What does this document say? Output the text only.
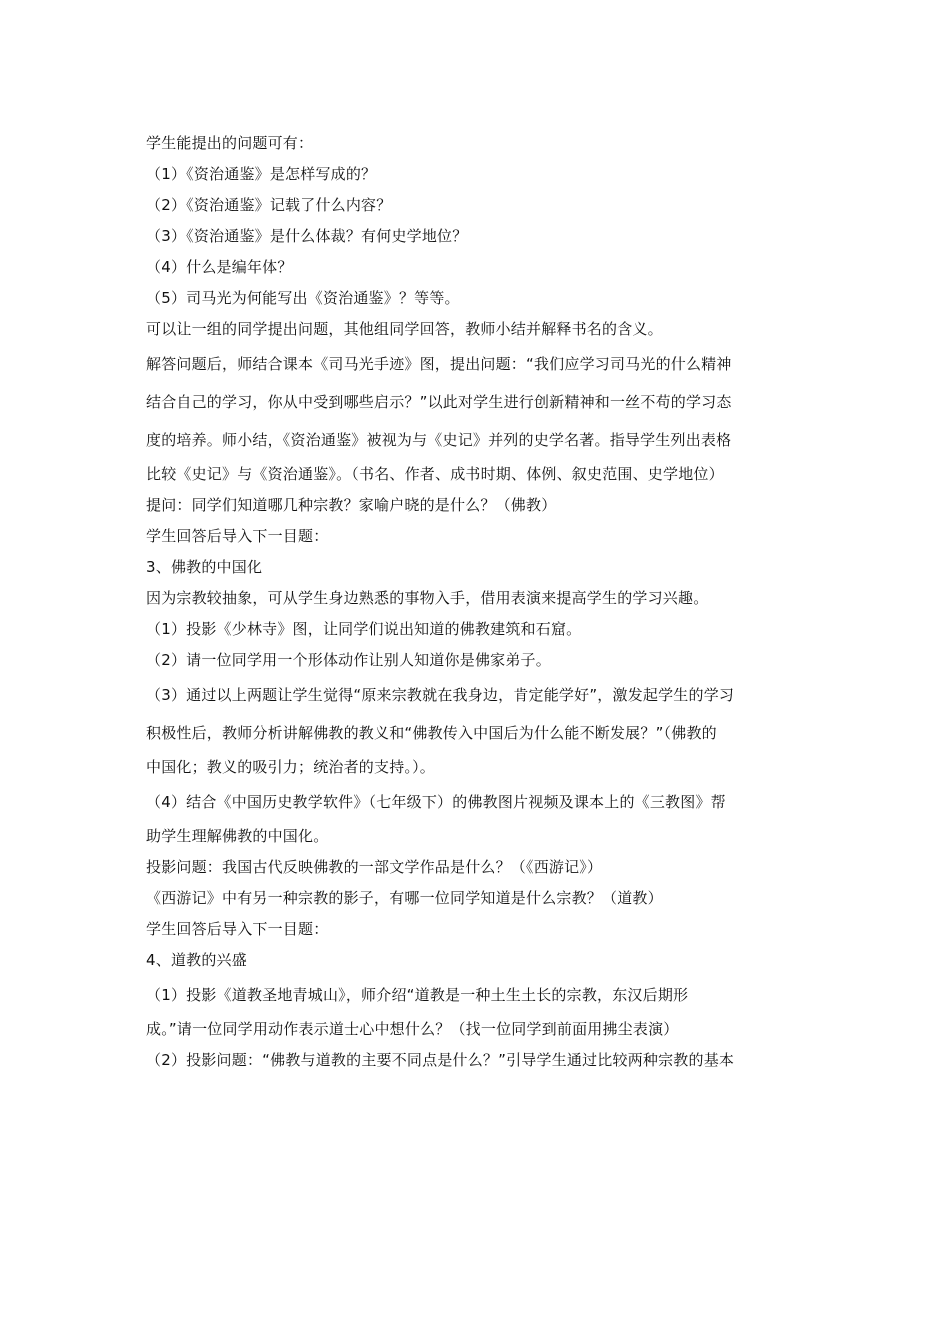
学生能提出的问题可有：
（1）《资治通鉴》是怎样写成的？
（2）《资治通鉴》记载了什么内容？
（3）《资治通鉴》是什么体裁？有何史学地位？
（4）什么是编年体？
（5）司马光为何能写出《资治通鉴》？等等。
可以让一组的同学提出问题，其他组同学回答，教师小结并解释书名的含义。
解答问题后，师结合课本《司马光手迹》图，提出问题：“我们应学习司马光的什么精神
结合自己的学习，你从中受到哪些启示？”以此对学生进行创新精神和一丝不苟的学习态
度的培养。师小结，《资治通鉴》被视为与《史记》并列的史学名著。指导学生列出表格
比较《史记》与《资治通鉴》。（书名、作者、成书时期、体例、叙史范围、史学地位）
提问：同学们知道哪几种宗教？家喻户晓的是什么？（佛教）
学生回答后导入下一目题：
3、佛教的中国化
因为宗教较抽象，可从学生身边熟悉的事物入手，借用表演来提高学生的学习兴趣。
（1）投影《少林寺》图，让同学们说出知道的佛教建筑和石窟。
（2）请一位同学用一个形体动作让别人知道你是佛家弟子。
（3）通过以上两题让学生觉得“原来宗教就在我身边，肯定能学好”，激发起学生的学习
积极性后，教师分析讲解佛教的教义和“佛教传入中国后为什么能不断发展？”（佛教的
中国化；教义的吸引力；统治者的支持。）。
（4）结合《中国历史教学软件》（七年级下）的佛教图片视频及课本上的《三教图》帮
助学生理解佛教的中国化。
投影问题：我国古代反映佛教的一部文学作品是什么？（《西游记》）
《西游记》中有另一种宗教的影子，有哪一位同学知道是什么宗教？（道教）
学生回答后导入下一目题：
4、道教的兴盛
（1）投影《道教圣地青城山》，师介绍“道教是一种土生土长的宗教，东汉后期形
成。”请一位同学用动作表示道士心中想什么？（找一位同学到前面用拂尘表演）
（2）投影问题：“佛教与道教的主要不同点是什么？”引导学生通过比较两种宗教的基本
